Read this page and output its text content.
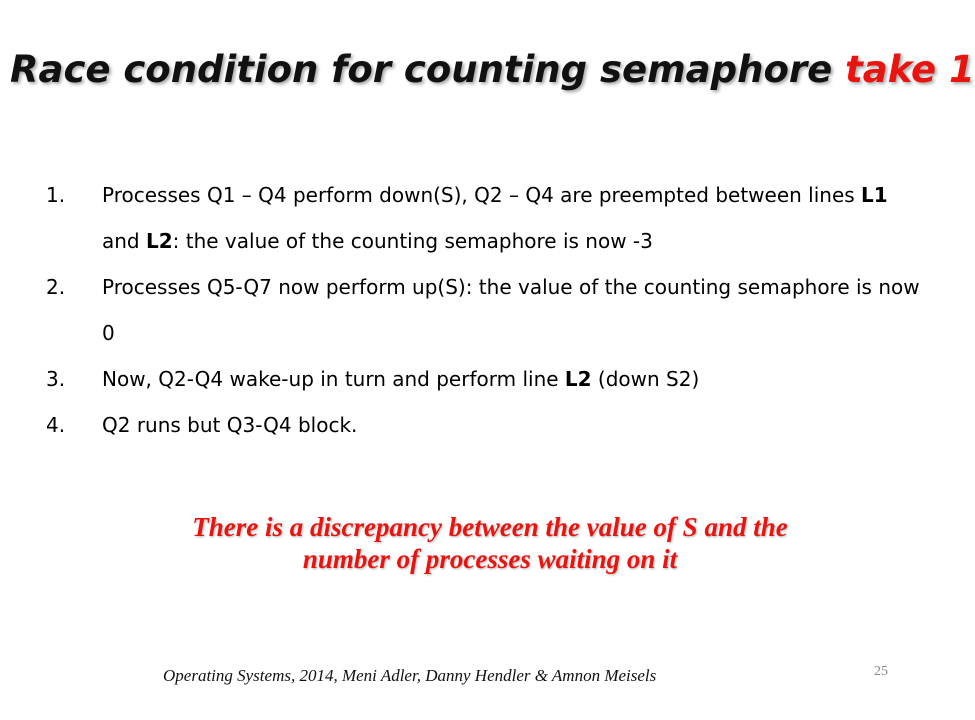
Race condition for counting semaphore take 1
1. Processes Q1 – Q4 perform down(S), Q2 – Q4 are preempted between lines L1 and L2: the value of the counting semaphore is now -3
2. Processes Q5-Q7 now perform up(S): the value of the counting semaphore is now 0
3. Now, Q2-Q4 wake-up in turn and perform line L2 (down S2)
4. Q2 runs but Q3-Q4 block.
There is a discrepancy between the value of S and the
number of processes waiting on it
Operating Systems, 2014, Meni Adler, Danny Hendler & Amnon Meisels	25
